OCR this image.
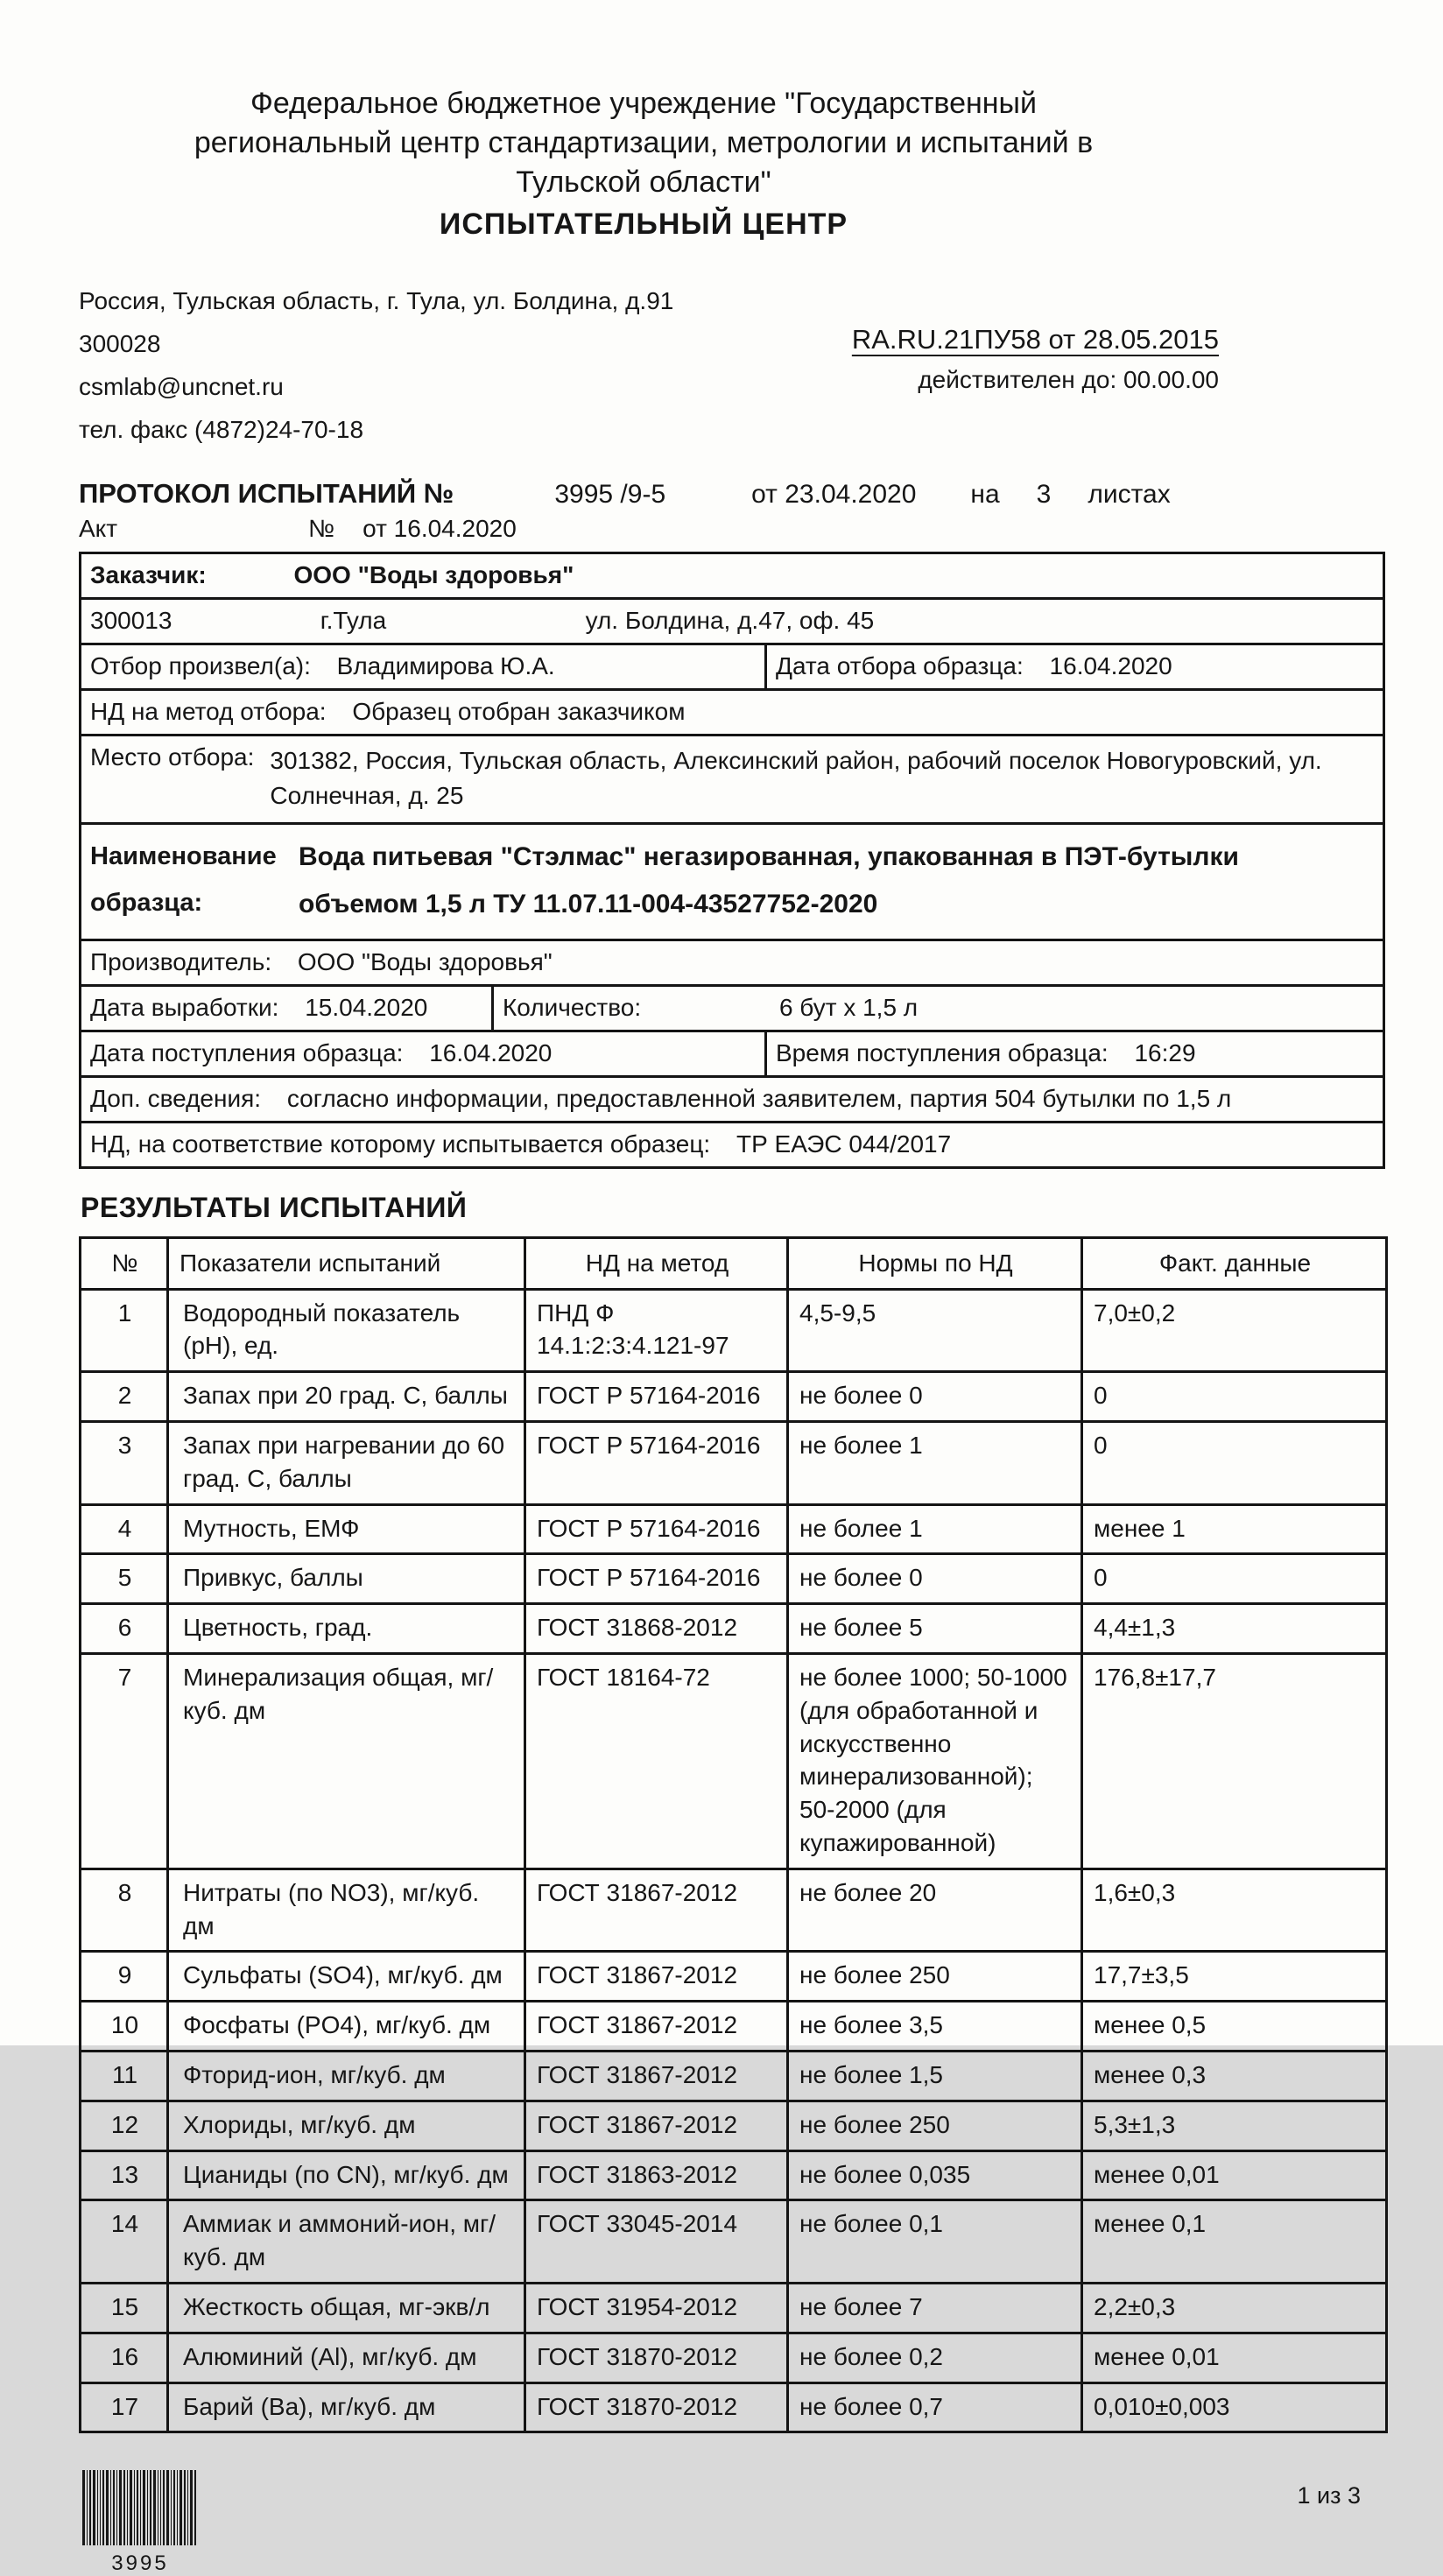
Федеральное бюджетное учреждение "Государственный
региональный центр стандартизации, метрологии и испытаний в
Тульской области"
ИСПЫТАТЕЛЬНЫЙ ЦЕНТР
Россия, Тульская область, г. Тула, ул. Болдина, д.91
300028
csmlab@uncnet.ru
тел. факс (4872)24-70-18
RA.RU.21ПУ58 от 28.05.2015
действителен до: 00.00.00
ПРОТОКОЛ ИСПЫТАНИЙ №	3995 /9-5	от 23.04.2020 на 3 листах
Акт	№ от 16.04.2020
Заказчик:	ООО "Воды здоровья"
300013	г.Тула	ул. Болдина, д.47, оф. 45
Отбор произвел(а): Владимирова Ю.А.	Дата отбора образца: 16.04.2020
НД на метод отбора: Образец отобран заказчиком
Место отбора: 301382, Россия, Тульская область, Алексинский район, рабочий поселок Новогуровский, ул. Солнечная, д. 25
Наименование
образца:
Вода питьевая "Стэлмас" негазированная, упакованная в ПЭТ-бутылки
объемом 1,5 л ТУ 11.07.11-004-43527752-2020
Производитель: ООО "Воды здоровья"
Дата выработки: 15.04.2020	Количество:	6 бут х 1,5 л
Дата поступления образца: 16.04.2020	Время поступления образца: 16:29
Доп. сведения: согласно информации, предоставленной заявителем, партия 504 бутылки по 1,5 л
НД, на соответствие которому испытывается образец: ТР ЕАЭС 044/2017
РЕЗУЛЬТАТЫ ИСПЫТАНИЙ
№	Показатели испытаний	НД на метод	Нормы по НД	Факт. данные
1	Водородный показатель (pH), ед.	ПНД Ф 14.1:2:3:4.121-97	4,5-9,5	7,0±0,2
2	Запах при 20 град. С, баллы	ГОСТ Р 57164-2016	не более 0	0
3	Запах при нагревании до 60 град. С, баллы	ГОСТ Р 57164-2016	не более 1	0
4	Мутность, ЕМФ	ГОСТ Р 57164-2016	не более 1	менее 1
5	Привкус, баллы	ГОСТ Р 57164-2016	не более 0	0
6	Цветность, град.	ГОСТ 31868-2012	не более 5	4,4±1,3
7	Минерализация общая, мг/куб. дм	ГОСТ 18164-72	не более 1000; 50-1000 (для обработанной и искусственно минерализованной); 50-2000 (для купажированной)	176,8±17,7
8	Нитраты (по NO3), мг/куб. дм	ГОСТ 31867-2012	не более 20	1,6±0,3
9	Сульфаты (SO4), мг/куб. дм	ГОСТ 31867-2012	не более 250	17,7±3,5
10	Фосфаты (PO4), мг/куб. дм	ГОСТ 31867-2012	не более 3,5	менее 0,5
11	Фторид-ион, мг/куб. дм	ГОСТ 31867-2012	не более 1,5	менее 0,3
12	Хлориды, мг/куб. дм	ГОСТ 31867-2012	не более 250	5,3±1,3
13	Цианиды (по CN), мг/куб. дм	ГОСТ 31863-2012	не более 0,035	менее 0,01
14	Аммиак и аммоний-ион, мг/куб. дм	ГОСТ 33045-2014	не более 0,1	менее 0,1
15	Жесткость общая, мг-экв/л	ГОСТ 31954-2012	не более 7	2,2±0,3
16	Алюминий (Al), мг/куб. дм	ГОСТ 31870-2012	не более 0,2	менее 0,01
17	Барий (Ba), мг/куб. дм	ГОСТ 31870-2012	не более 0,7	0,010±0,003
3995
1 из 3
